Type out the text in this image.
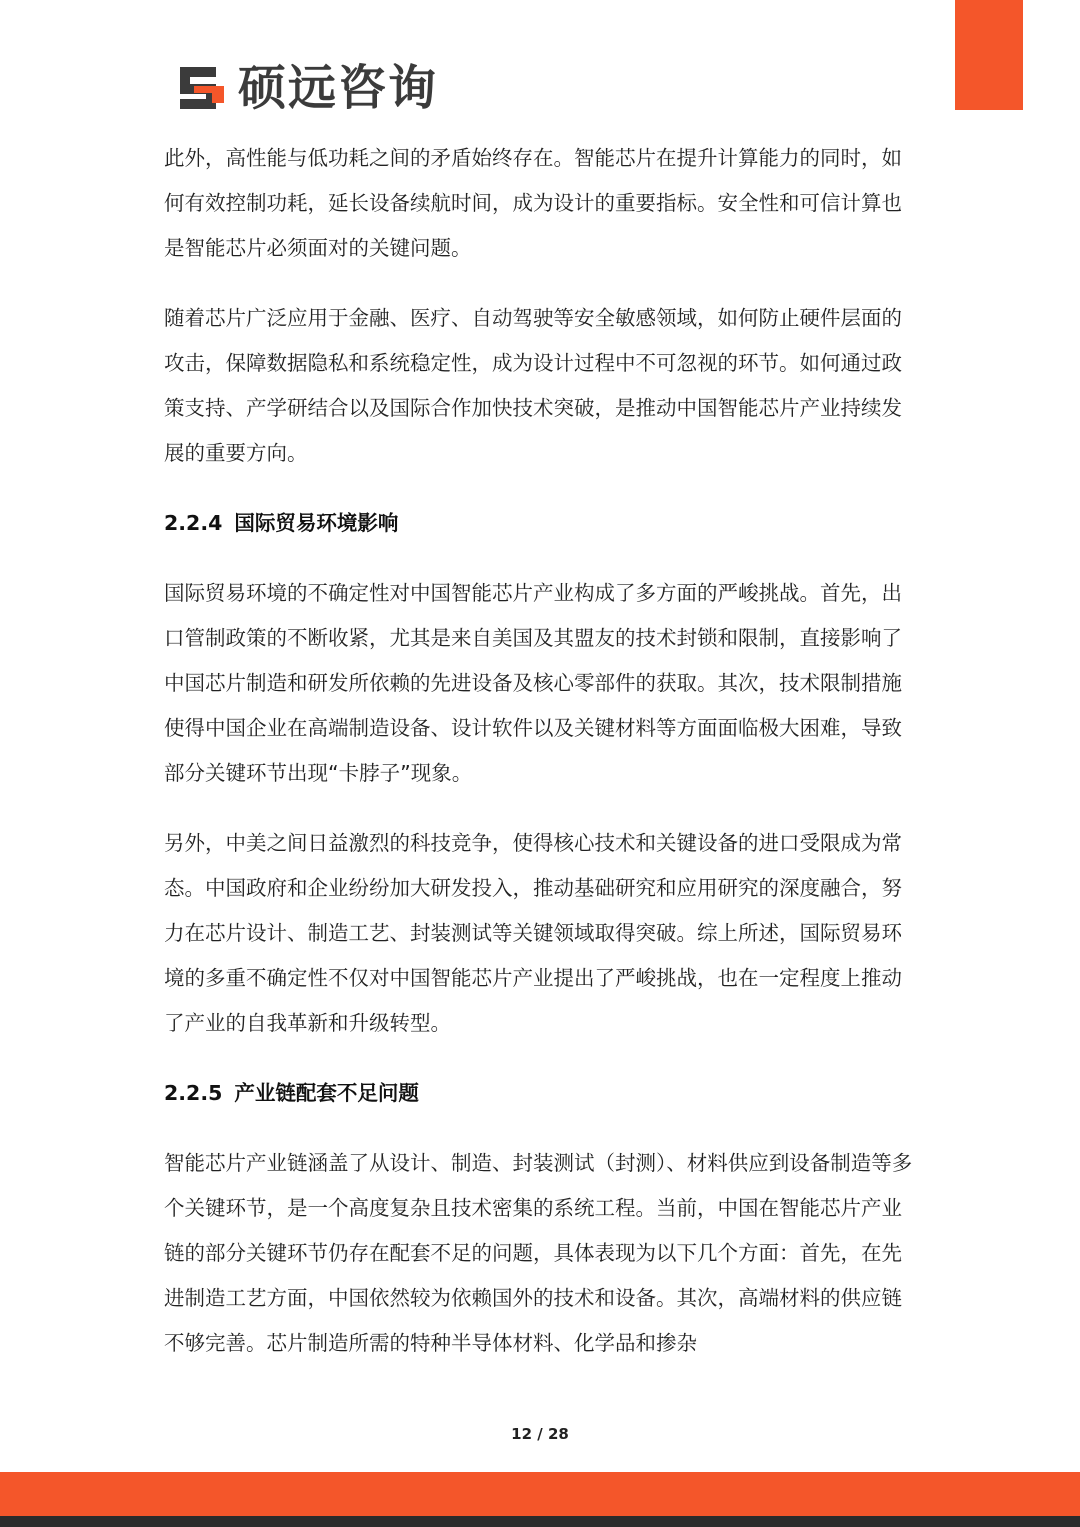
硕远咨询

此外，高性能与低功耗之间的矛盾始终存在。智能芯片在提升计算能力的同时，如何有效控制功耗，延长设备续航时间，成为设计的重要指标。安全性和可信计算也是智能芯片必须面对的关键问题。

随着芯片广泛应用于金融、医疗、自动驾驶等安全敏感领域，如何防止硬件层面的攻击，保障数据隐私和系统稳定性，成为设计过程中不可忽视的环节。如何通过政策支持、产学研结合以及国际合作加快技术突破，是推动中国智能芯片产业持续发展的重要方向。

2.2.4 国际贸易环境影响

国际贸易环境的不确定性对中国智能芯片产业构成了多方面的严峻挑战。首先，出口管制政策的不断收紧，尤其是来自美国及其盟友的技术封锁和限制，直接影响了中国芯片制造和研发所依赖的先进设备及核心零部件的获取。其次，技术限制措施使得中国企业在高端制造设备、设计软件以及关键材料等方面面临极大困难，导致部分关键环节出现“卡脖子”现象。

另外，中美之间日益激烈的科技竞争，使得核心技术和关键设备的进口受限成为常态。中国政府和企业纷纷加大研发投入，推动基础研究和应用研究的深度融合，努力在芯片设计、制造工艺、封装测试等关键领域取得突破。综上所述，国际贸易环境的多重不确定性不仅对中国智能芯片产业提出了严峻挑战，也在一定程度上推动了产业的自我革新和升级转型。

2.2.5 产业链配套不足问题

智能芯片产业链涵盖了从设计、制造、封装测试（封测）、材料供应到设备制造等多个关键环节，是一个高度复杂且技术密集的系统工程。当前，中国在智能芯片产业链的部分关键环节仍存在配套不足的问题，具体表现为以下几个方面：首先，在先进制造工艺方面，中国依然较为依赖国外的技术和设备。其次，高端材料的供应链不够完善。芯片制造所需的特种半导体材料、化学品和掺杂

12 / 28
